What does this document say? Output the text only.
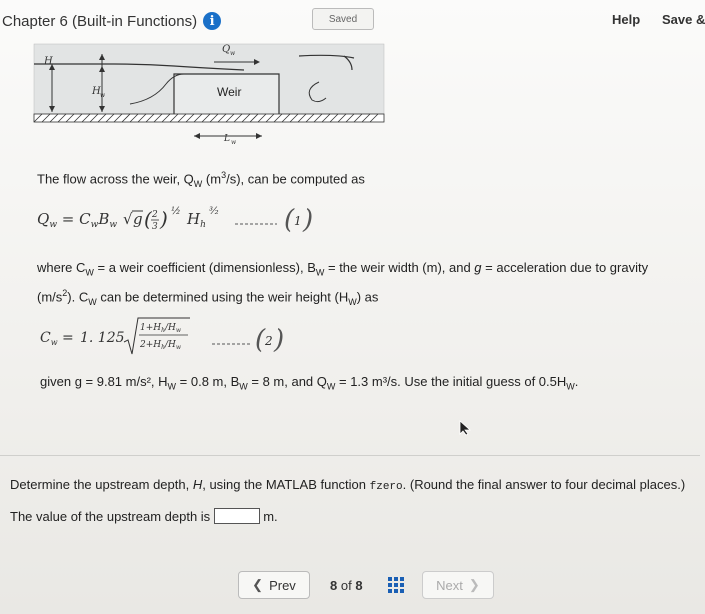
Chapter 6 (Built-in Functions) i	Saved	Help Save &
H
Q w
H w	Weir
L w
The flow across the weir, $Q_W$ $(m^3/s)$, can be computed as
$Q_w = C_wB_w$ √ g ( 2
3 ) ½ $H_h$
³⁄₂	( 1 )
where $C_W = a$ weir coefficient (dimensionless), $B_W$ = the weir width (m), and g = acceleration due to gravity
$(m/s^2)$. $C_W$ can be determined using the weir height $(H_W)$ as
$C_w = 1$. 125
$1+H_h/H_w$
$2+H_h/H_w$	( 2 )
given g = 9.81 m/s², $H_W = 0.8$ m, $B_W = 8$ m, and $Q_W = 1.3$ m³/s. Use the initial guess of $0.5H_W$.
Determine the upstream depth, H, using the MATLAB function fzero. (Round the final answer to four decimal places.)
The value of the upstream depth is	m.
❮ Prev	8 of 8	Next ❯
